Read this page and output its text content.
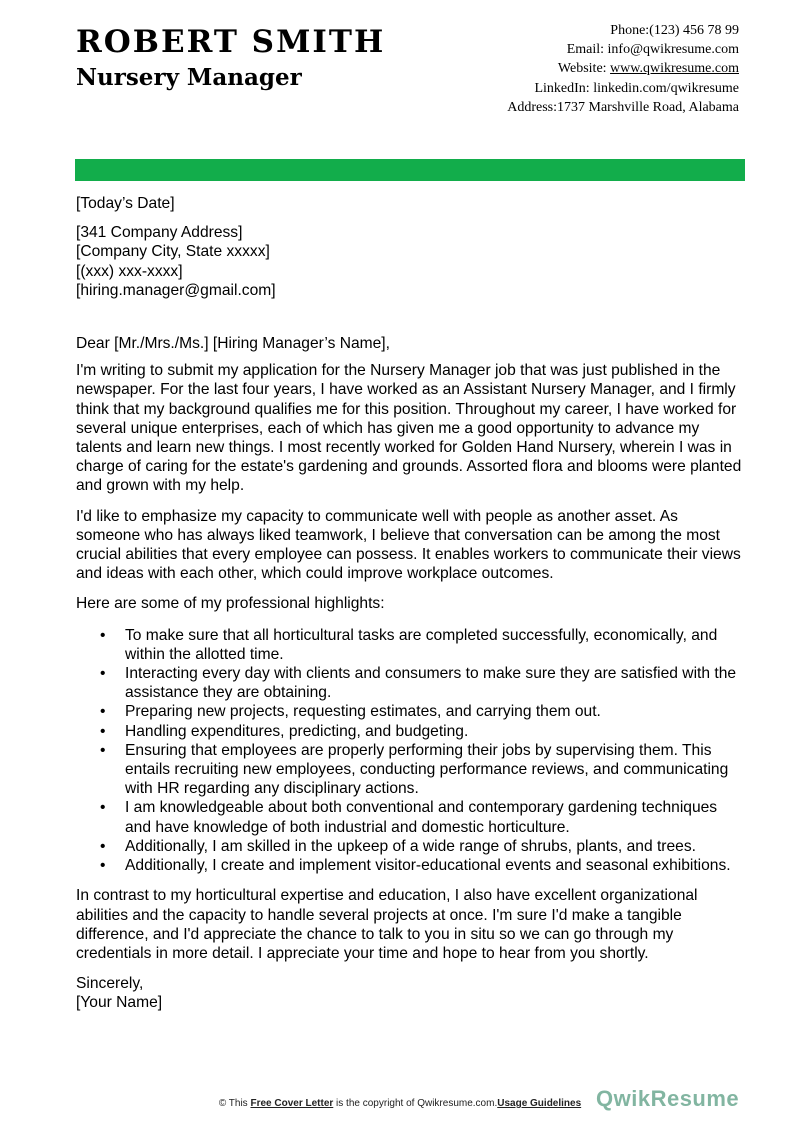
ROBERT SMITH
Nursery Manager
Phone:(123) 456 78 99
Email: info@qwikresume.com
Website: www.qwikresume.com
LinkedIn: linkedin.com/qwikresume
Address:1737 Marshville Road, Alabama

[Today’s Date]

[341 Company Address]

[Company City, State xxxxx]

[(xxx) xxx-xxxx]

[hiring.manager@gmail.com]

Dear [Mr./Mrs./Ms.] [Hiring Manager’s Name],

I'm writing to submit my application for the Nursery Manager job that was just published in the newspaper. For the last four years, I have worked as an Assistant Nursery Manager, and I firmly think that my background qualifies me for this position. Throughout my career, I have worked for several unique enterprises, each of which has given me a good opportunity to advance my talents and learn new things. I most recently worked for Golden Hand Nursery, wherein I was in charge of caring for the estate's gardening and grounds. Assorted flora and blooms were planted and grown with my help.

I'd like to emphasize my capacity to communicate well with people as another asset. As someone who has always liked teamwork, I believe that conversation can be among the most crucial abilities that every employee can possess. It enables workers to communicate their views and ideas with each other, which could improve workplace outcomes.

Here are some of my professional highlights:

• To make sure that all horticultural tasks are completed successfully, economically, and within the allotted time.
• Interacting every day with clients and consumers to make sure they are satisfied with the assistance they are obtaining.
• Preparing new projects, requesting estimates, and carrying them out.
• Handling expenditures, predicting, and budgeting.
• Ensuring that employees are properly performing their jobs by supervising them. This entails recruiting new employees, conducting performance reviews, and communicating with HR regarding any disciplinary actions.
• I am knowledgeable about both conventional and contemporary gardening techniques and have knowledge of both industrial and domestic horticulture.
• Additionally, I am skilled in the upkeep of a wide range of shrubs, plants, and trees.
• Additionally, I create and implement visitor-educational events and seasonal exhibitions.

In contrast to my horticultural expertise and education, I also have excellent organizational abilities and the capacity to handle several projects at once. I'm sure I'd make a tangible difference, and I'd appreciate the chance to talk to you in situ so we can go through my credentials in more detail. I appreciate your time and hope to hear from you shortly.

Sincerely,

[Your Name]

QwikResume
© This Free Cover Letter is the copyright of Qwikresume.com.Usage Guidelines
